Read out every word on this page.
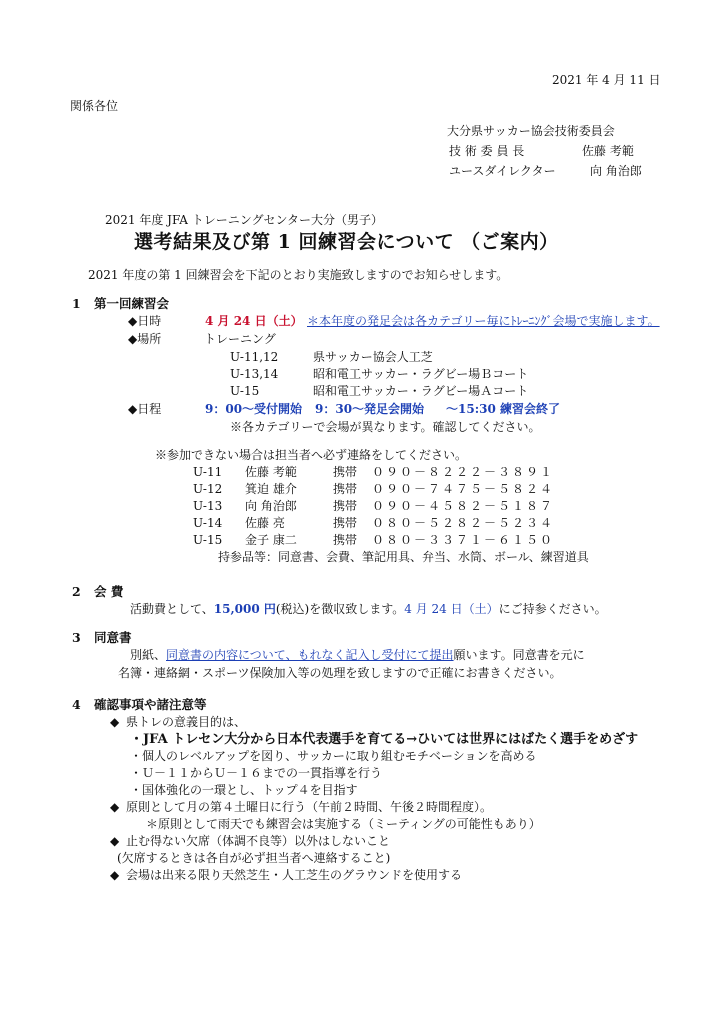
2021 年 4 月 11 日
関係各位
大分県サッカー協会技術委員会
技 術 委 員 長	佐藤 考範
ユースダイレクター	向 角治郎
2021 年度 JFA トレーニングセンター大分（男子）
選考結果及び第 1 回練習会について （ご案内）
2021 年度の第 1 回練習会を下記のとおり実施致しますのでお知らせします。
1 第一回練習会
◆日時	4 月 24 日（土） ＊本年度の発足会は各カテゴリー毎にﾄﾚｰﾆﾝｸﾞ会場で実施します。
◆場所	トレーニング
U-11,12	県サッカー協会人工芝
U-13,14	昭和電工サッカー・ラグビー場Ｂコート
U-15	昭和電工サッカー・ラグビー場Ａコート
◆日程	9：00～受付開始 9：30～発足会開始 ～15:30 練習会終了
※各カテゴリーで会場が異なります。確認してください。
※参加できない場合は担当者へ必ず連絡をしてください。
U-11 佐藤 考範	携帯 ０９０－８２２２－３８９１
U-12 箕迫 雄介	携帯 ０９０－７４７５－５８２４
U-13 向 角治郎	携帯 ０９０－４５８２－５１８７
U-14 佐藤 亮	携帯 ０８０－５２８２－５２３４
U-15 金子 康二	携帯 ０８０－３３７１－６１５０
持参品等：同意書、会費、筆記用具、弁当、水筒、ボール、練習道具
2 会 費
活動費として、15,000 円(税込)を徴収致します。4 月 24 日（土）にご持参ください。
3 同意書
別紙、同意書の内容について、もれなく記入し受付にて提出願います。同意書を元に
名簿・連絡網・スポーツ保険加入等の処理を致しますので正確にお書きください。
4 確認事項や諸注意等
◆ 県トレの意義目的は、
・JFA トレセン大分から日本代表選手を育てる→ひいては世界にはばたく選手をめざす
・個人のレベルアップを図り、サッカーに取り組むモチベーションを高める
・Ｕ－１１からＵ－１６までの一貫指導を行う
・国体強化の一環とし、トップ４を目指す
◆ 原則として月の第４土曜日に行う（午前２時間、午後２時間程度）。
＊原則として雨天でも練習会は実施する（ミーティングの可能性もあり）
◆ 止む得ない欠席（体調不良等）以外はしないこと
(欠席するときは各自が必ず担当者へ連絡すること)
◆ 会場は出来る限り天然芝生・人工芝生のグラウンドを使用する
